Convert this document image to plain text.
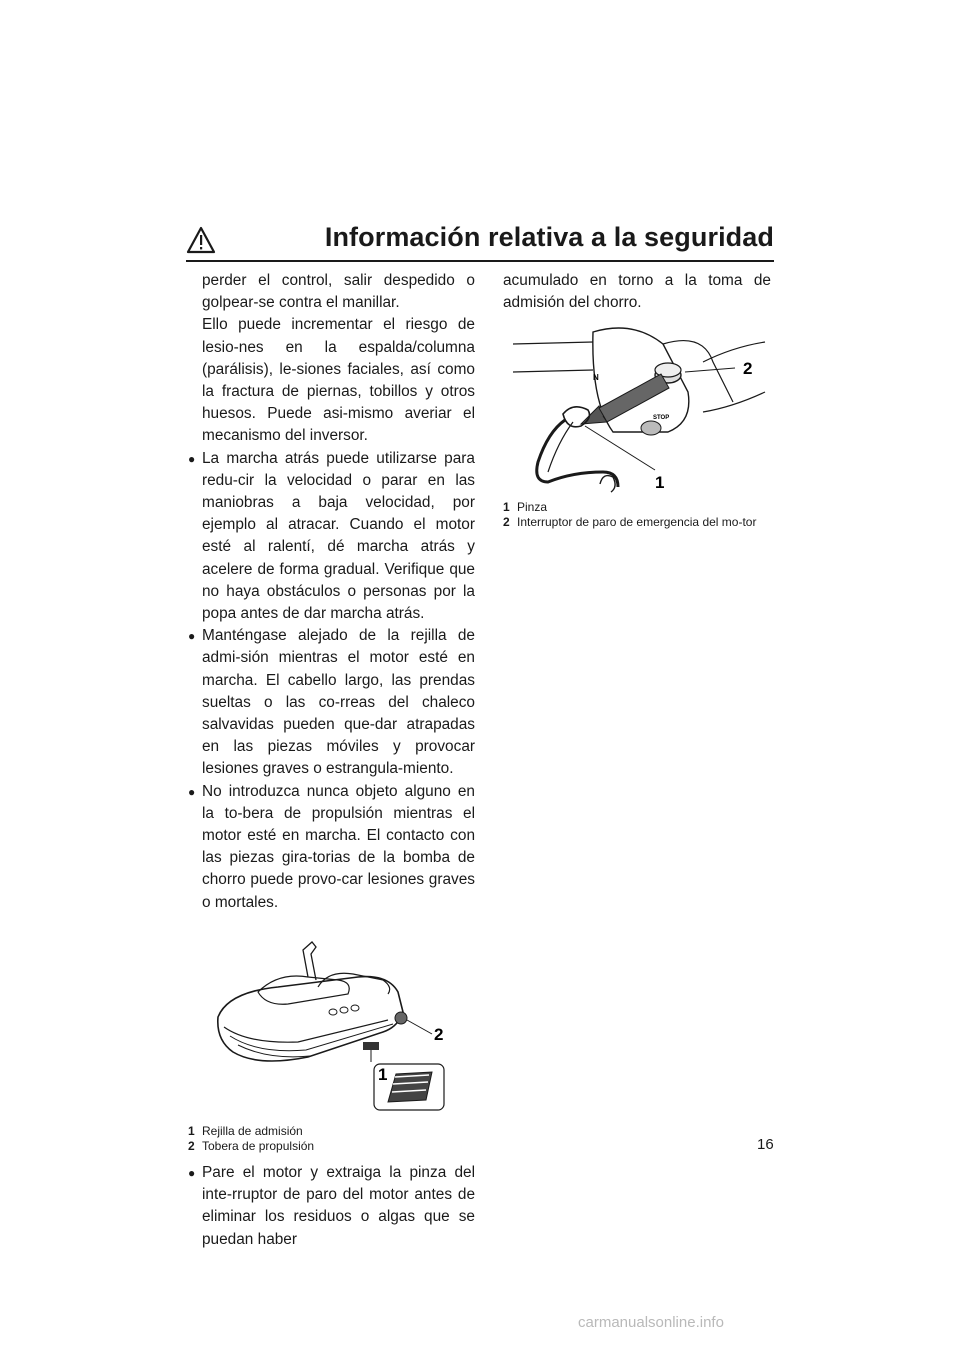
Información relativa a la seguridad

perder el control, salir despedido o golpear-se contra el manillar.

Ello puede incrementar el riesgo de lesio-nes en la espalda/columna (parálisis), le-siones faciales, así como la fractura de piernas, tobillos y otros huesos. Puede asi-mismo averiar el mecanismo del inversor.

● La marcha atrás puede utilizarse para redu-cir la velocidad o parar en las maniobras a baja velocidad, por ejemplo al atracar. Cuando el motor esté al ralentí, dé marcha atrás y acelere de forma gradual. Verifique que no haya obstáculos o personas por la popa antes de dar marcha atrás.

● Manténgase alejado de la rejilla de admi-sión mientras el motor esté en marcha. El cabello largo, las prendas sueltas o las co-rreas del chaleco salvavidas pueden que-dar atrapadas en las piezas móviles y provocar lesiones graves o estrangula-miento.

● No introduzca nunca objeto alguno en la to-bera de propulsión mientras el motor esté en marcha. El contacto con las piezas gira-torias de la bomba de chorro puede provo-car lesiones graves o mortales.

2
1
1 Rejilla de admisión
2 Tobera de propulsión
● Pare el motor y extraiga la pinza del inte-rruptor de paro del motor antes de eliminar los residuos o algas que se puedan haber

acumulado en torno a la toma de admisión del chorro.

N
STOP
2
1
1 Pinza
2 Interruptor de paro de emergencia del mo-tor
16
carmanualsonline.info
